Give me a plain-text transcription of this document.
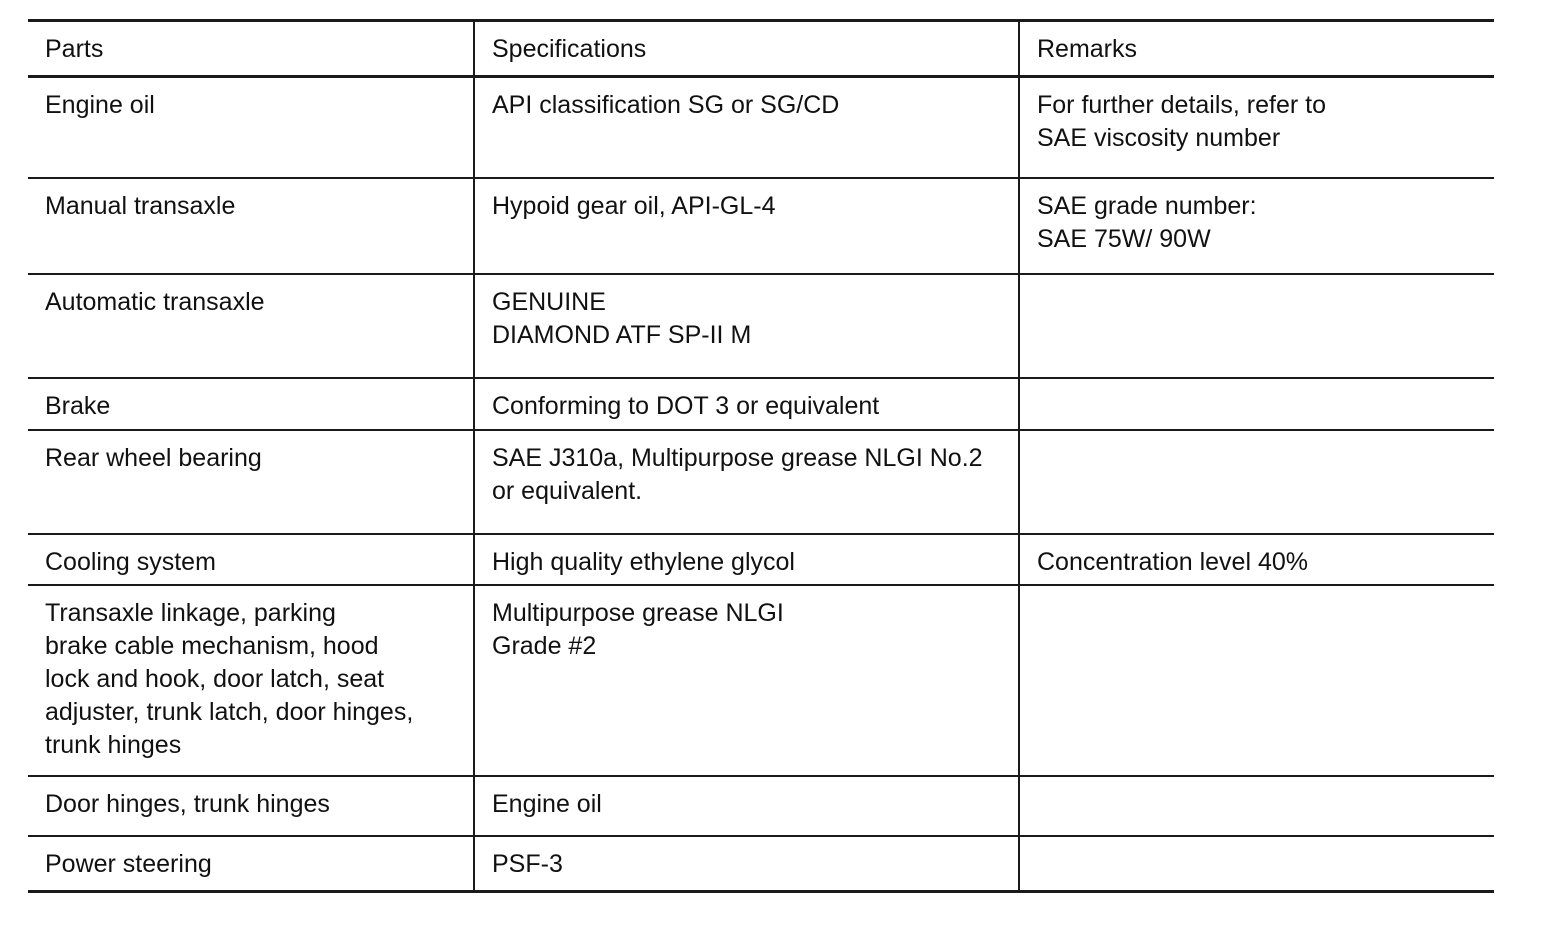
Parts	Specifications	Remarks

Engine oil	API classification SG or SG/CD	For further details, refer to
SAE viscosity number

Manual transaxle	Hypoid gear oil, API-GL-4	SAE grade number:
SAE 75W/ 90W

Automatic transaxle	GENUINE
DIAMOND ATF SP-II M	

Brake	Conforming to DOT 3 or equivalent	

Rear wheel bearing	SAE J310a, Multipurpose grease NLGI No.2
or equivalent.	

Cooling system	High quality ethylene glycol	Concentration level 40%

Transaxle linkage, parking
brake cable mechanism, hood
lock and hook, door latch, seat
adjuster, trunk latch, door hinges,
trunk hinges	Multipurpose grease NLGI
Grade #2	

Door hinges, trunk hinges	Engine oil	

Power steering	PSF-3	
